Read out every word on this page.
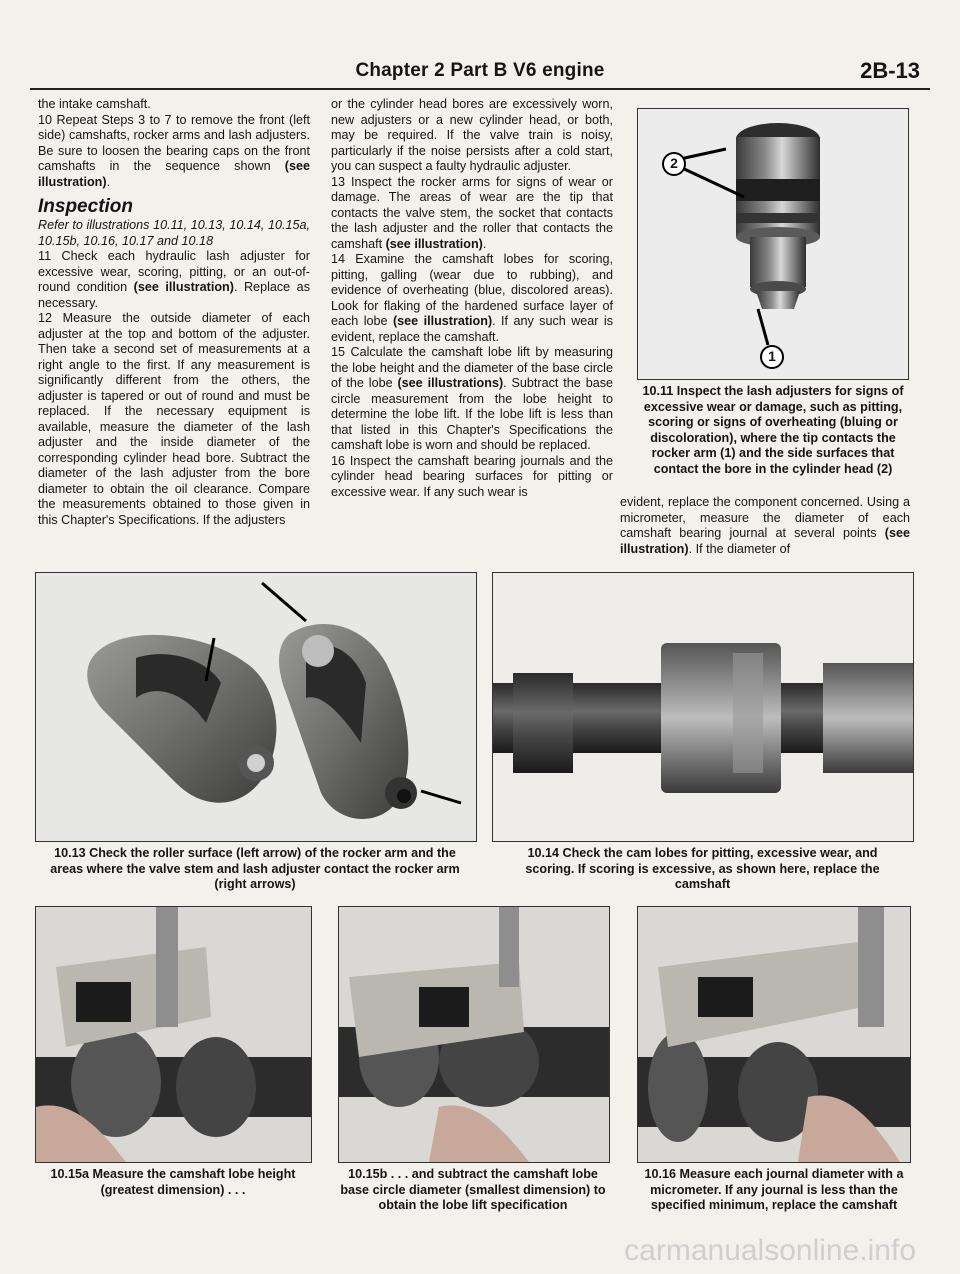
Chapter 2 Part B V6 engine	2B-13

the intake camshaft.

10 Repeat Steps 3 to 7 to remove the front (left side) camshafts, rocker arms and lash adjusters. Be sure to loosen the bearing caps on the front camshafts in the sequence shown (see illustration).

Inspection

Refer to illustrations 10.11, 10.13, 10.14, 10.15a, 10.15b, 10.16, 10.17 and 10.18

11 Check each hydraulic lash adjuster for excessive wear, scoring, pitting, or an out-of-round condition (see illustration). Replace as necessary.

12 Measure the outside diameter of each adjuster at the top and bottom of the adjuster. Then take a second set of measurements at a right angle to the first. If any measurement is significantly different from the others, the adjuster is tapered or out of round and must be replaced. If the necessary equipment is available, measure the diameter of the lash adjuster and the inside diameter of the corresponding cylinder head bore. Subtract the diameter of the lash adjuster from the bore diameter to obtain the oil clearance. Compare the measurements obtained to those given in this Chapter's Specifications. If the adjusters

or the cylinder head bores are excessively worn, new adjusters or a new cylinder head, or both, may be required. If the valve train is noisy, particularly if the noise persists after a cold start, you can suspect a faulty hydraulic adjuster.

13 Inspect the rocker arms for signs of wear or damage. The areas of wear are the tip that contacts the valve stem, the socket that contacts the lash adjuster and the roller that contacts the camshaft (see illustration).

14 Examine the camshaft lobes for scoring, pitting, galling (wear due to rubbing), and evidence of overheating (blue, discolored areas). Look for flaking of the hardened surface layer of each lobe (see illustration). If any such wear is evident, replace the camshaft.

15 Calculate the camshaft lobe lift by measuring the lobe height and the diameter of the base circle of the lobe (see illustrations). Subtract the base circle measurement from the lobe height to determine the lobe lift. If the lobe lift is less than that listed in this Chapter's Specifications the camshaft lobe is worn and should be replaced.

16 Inspect the camshaft bearing journals and the cylinder head bearing surfaces for pitting or excessive wear. If any such wear is

2
1
10.11 Inspect the lash adjusters for signs of excessive wear or damage, such as pitting, scoring or signs of overheating (bluing or discoloration), where the tip contacts the rocker arm (1) and the side surfaces that contact the bore in the cylinder head (2)

evident, replace the component concerned. Using a micrometer, measure the diameter of each camshaft bearing journal at several points (see illustration). If the diameter of

10.13 Check the roller surface (left arrow) of the rocker arm and the areas where the valve stem and lash adjuster contact the rocker arm (right arrows)
10.14 Check the cam lobes for pitting, excessive wear, and scoring. If scoring is excessive, as shown here, replace the camshaft
10.15a Measure the camshaft lobe height (greatest dimension) . . .
10.15b . . . and subtract the camshaft lobe base circle diameter (smallest dimension) to obtain the lobe lift specification
10.16 Measure each journal diameter with a micrometer. If any journal is less than the specified minimum, replace the camshaft
carmanualsonline.info
